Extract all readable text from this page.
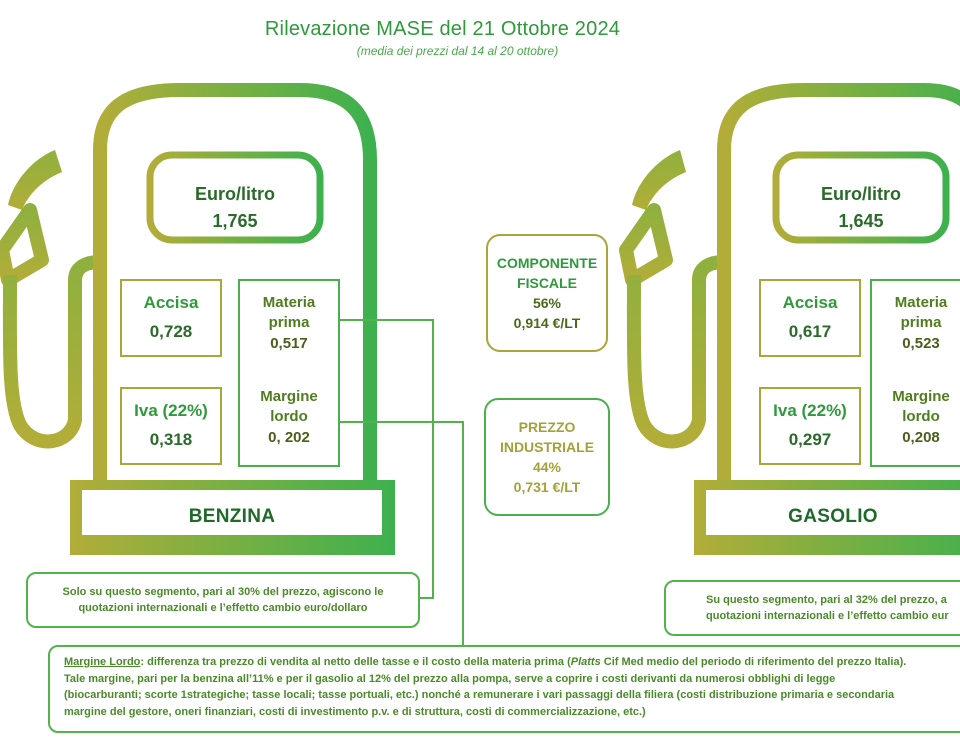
Rilevazione MASE del 21 Ottobre 2024
(media dei prezzi dal 14 al 20 ottobre)
Euro/litro
1,765
Accisa
0,728
Iva (22%)
0,318
Materia
prima
0,517
Margine
lordo
0, 202
BENZINA
Euro/litro
1,645
Accisa
0,617
Iva (22%)
0,297
Materia
prima
0,523
Margine
lordo
0,208
GASOLIO
COMPONENTE
FISCALE
56%
0,914 €/LT
PREZZO
INDUSTRIALE
44%
0,731 €/LT
Solo su questo segmento, pari al 30% del prezzo, agiscono le quotazioni internazionali e l’effetto cambio euro/dollaro
Su questo segmento, pari al 32% del prezzo, a
quotazioni internazionali e l’effetto cambio eur
Margine Lordo: differenza tra prezzo di vendita al netto delle tasse e il costo della materia prima (Platts Cif Med medio del periodo di riferimento del prezzo Italia).
Tale margine, pari per la benzina all’11% e per il gasolio al 12% del prezzo alla pompa, serve a coprire i costi derivanti da numerosi obblighi di legge
(biocarburanti; scorte 1strategiche; tasse locali; tasse portuali, etc.) nonché a remunerare i vari passaggi della filiera (costi distribuzione primaria e secondaria
margine del gestore, oneri finanziari, costi di investimento p.v. e di struttura, costi di commercializzazione, etc.)
